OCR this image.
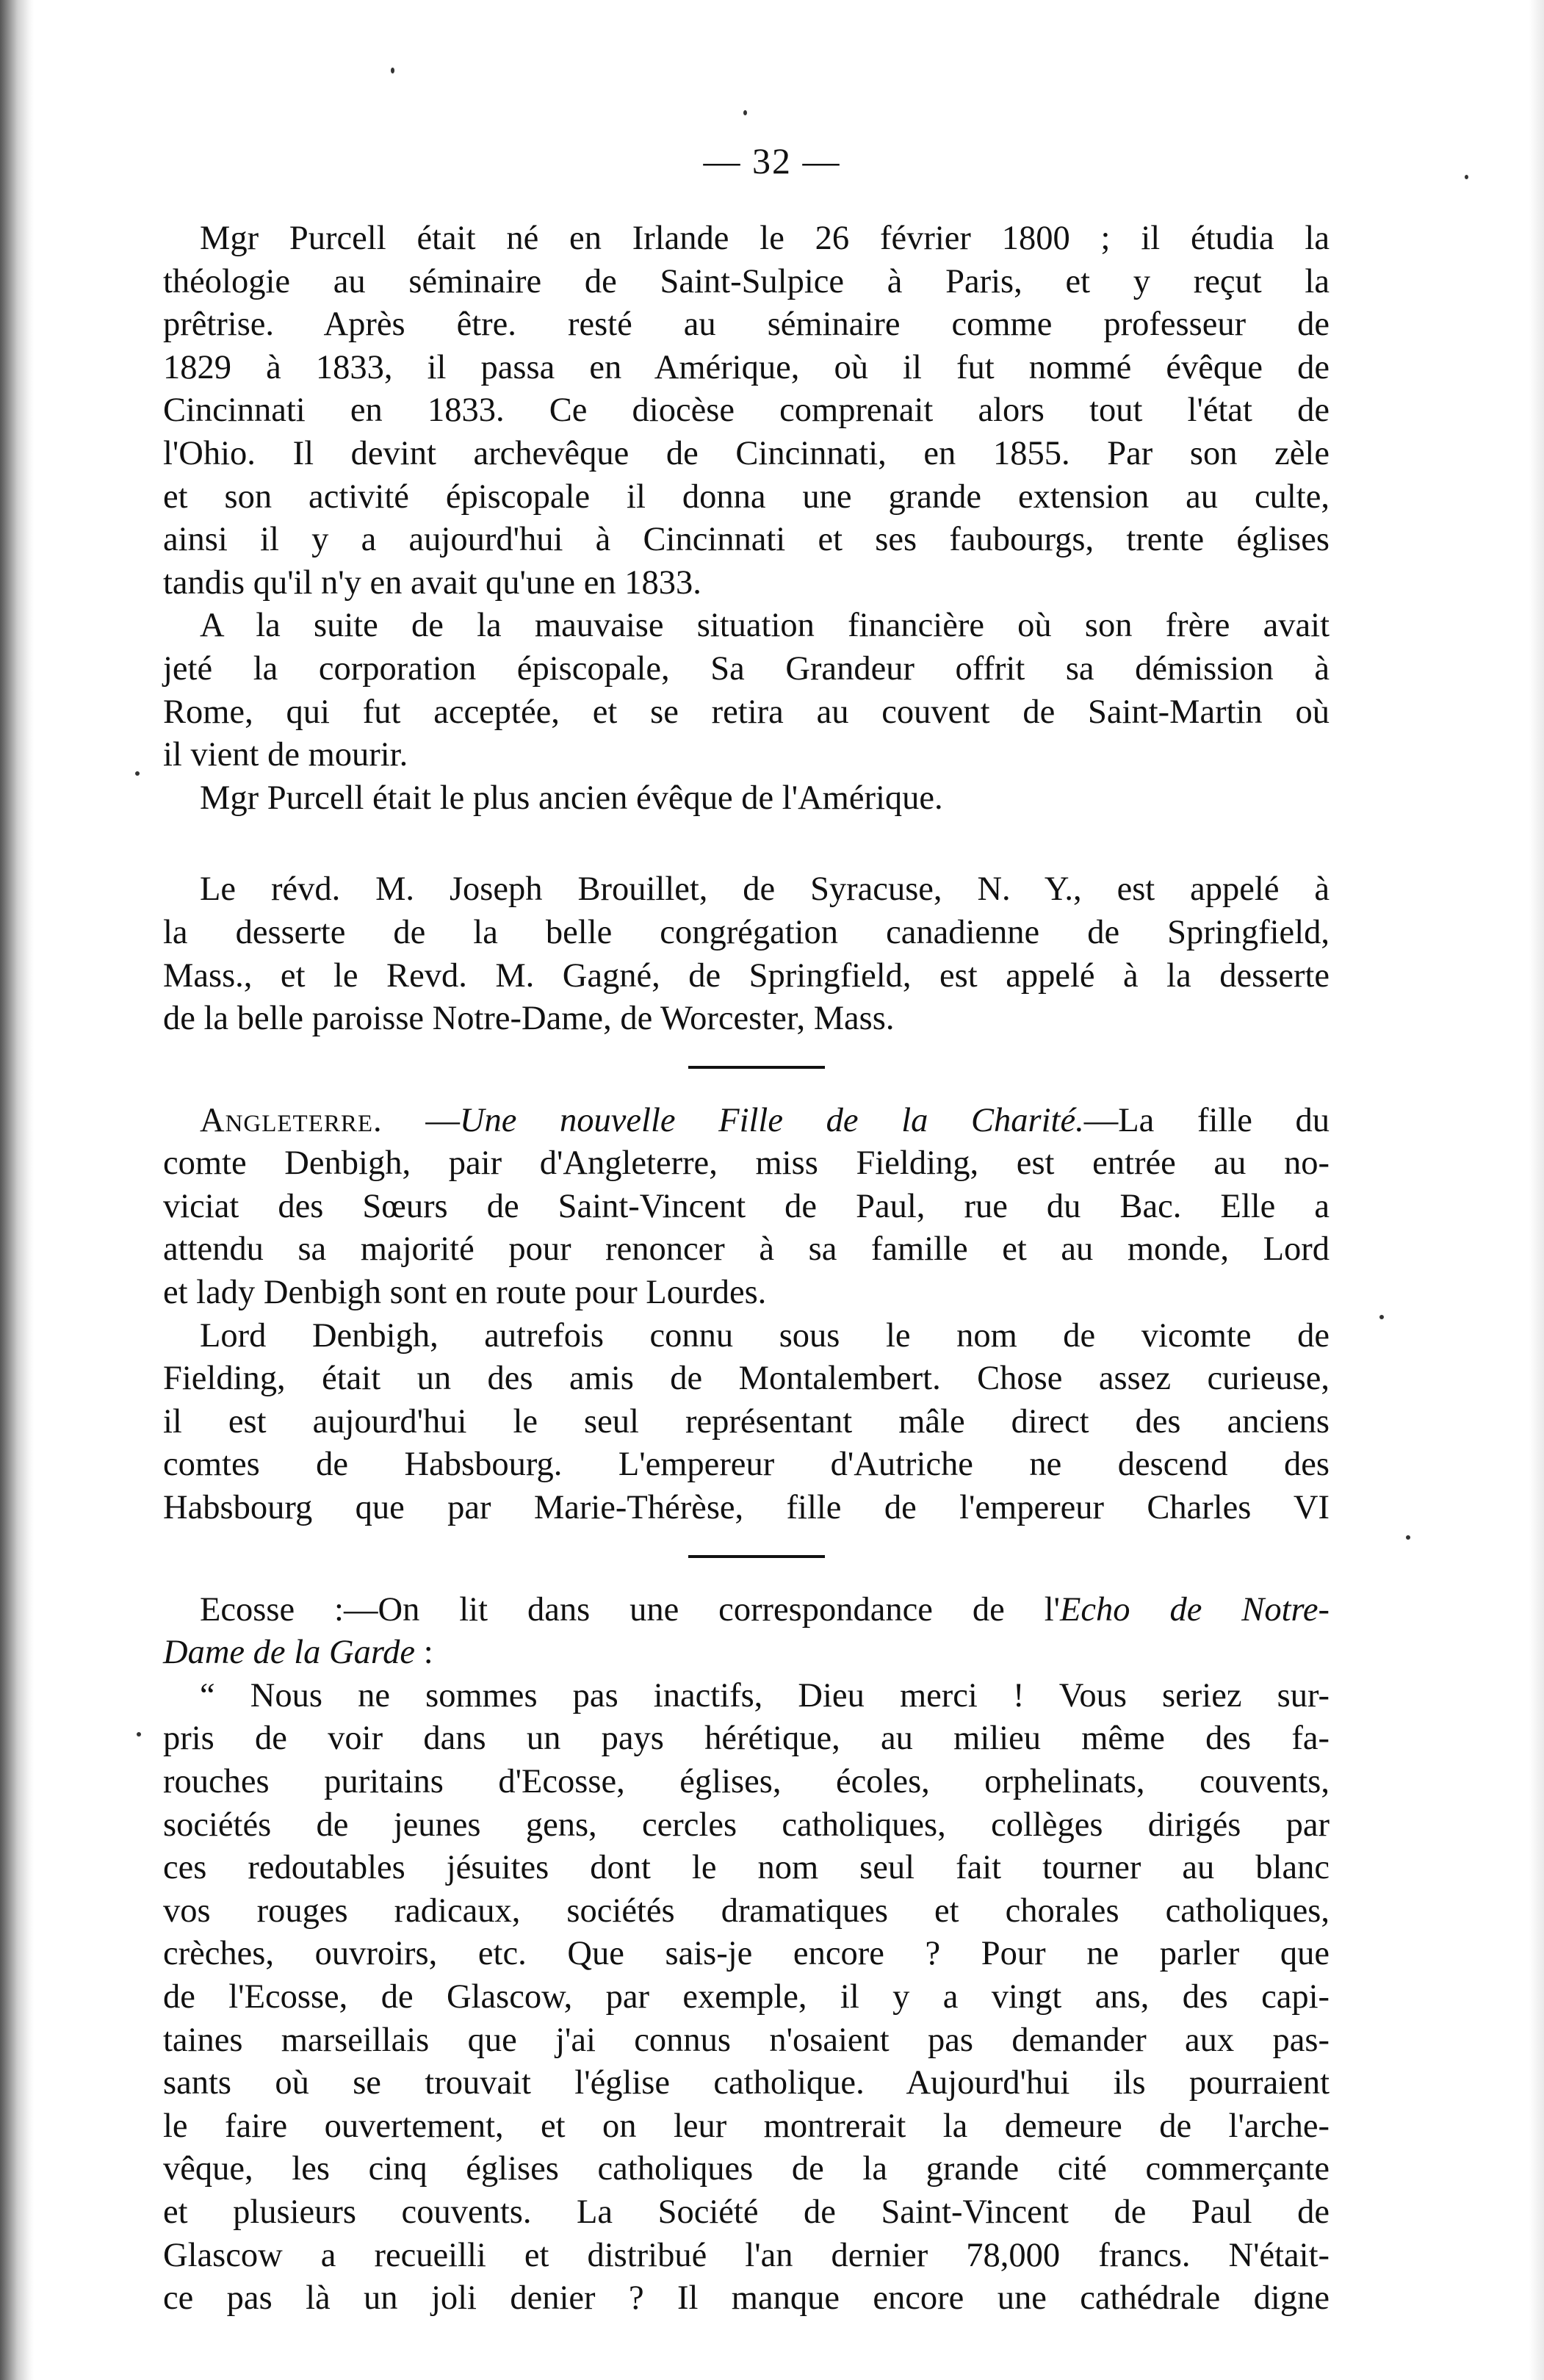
— 32 —
Mgr Purcell était né en Irlande le 26 février 1800 ; il étudia la
théologie au séminaire de Saint-Sulpice à Paris, et y reçut la
prêtrise. Après être. resté au séminaire comme professeur de
1829 à 1833, il passa en Amérique, où il fut nommé évêque de
Cincinnati en 1833. Ce diocèse comprenait alors tout l'état de
l'Ohio. Il devint archevêque de Cincinnati, en 1855. Par son zèle
et son activité épiscopale il donna une grande extension au culte,
ainsi il y a aujourd'hui à Cincinnati et ses faubourgs, trente églises
tandis qu'il n'y en avait qu'une en 1833.
A la suite de la mauvaise situation financière où son frère avait
jeté la corporation épiscopale, Sa Grandeur offrit sa démission à
Rome, qui fut acceptée, et se retira au couvent de Saint-Martin où
il vient de mourir.
Mgr Purcell était le plus ancien évêque de l'Amérique.
Le révd. M. Joseph Brouillet, de Syracuse, N. Y., est appelé à
la desserte de la belle congrégation canadienne de Springfield,
Mass., et le Revd. M. Gagné, de Springfield, est appelé à la desserte
de la belle paroisse Notre-Dame, de Worcester, Mass.
Angleterre. —Une nouvelle Fille de la Charité.—La fille du
comte Denbigh, pair d'Angleterre, miss Fielding, est entrée au no-
viciat des Sœurs de Saint-Vincent de Paul, rue du Bac. Elle a
attendu sa majorité pour renoncer à sa famille et au monde, Lord
et lady Denbigh sont en route pour Lourdes.
Lord Denbigh, autrefois connu sous le nom de vicomte de
Fielding, était un des amis de Montalembert. Chose assez curieuse,
il est aujourd'hui le seul représentant mâle direct des anciens
comtes de Habsbourg. L'empereur d'Autriche ne descend des
Habsbourg que par Marie-Thérèse, fille de l'empereur Charles VI
Ecosse :—On lit dans une correspondance de l'Echo de Notre-
Dame de la Garde :
“ Nous ne sommes pas inactifs, Dieu merci ! Vous seriez sur-
pris de voir dans un pays hérétique, au milieu même des fa-
rouches puritains d'Ecosse, églises, écoles, orphelinats, couvents,
sociétés de jeunes gens, cercles catholiques, collèges dirigés par
ces redoutables jésuites dont le nom seul fait tourner au blanc
vos rouges radicaux, sociétés dramatiques et chorales catholiques,
crèches, ouvroirs, etc. Que sais-je encore ? Pour ne parler que
de l'Ecosse, de Glascow, par exemple, il y a vingt ans, des capi-
taines marseillais que j'ai connus n'osaient pas demander aux pas-
sants où se trouvait l'église catholique. Aujourd'hui ils pourraient
le faire ouvertement, et on leur montrerait la demeure de l'arche-
vêque, les cinq églises catholiques de la grande cité commerçante
et plusieurs couvents. La Société de Saint-Vincent de Paul de
Glascow a recueilli et distribué l'an dernier 78,000 francs. N'était-
ce pas là un joli denier ? Il manque encore une cathédrale digne
